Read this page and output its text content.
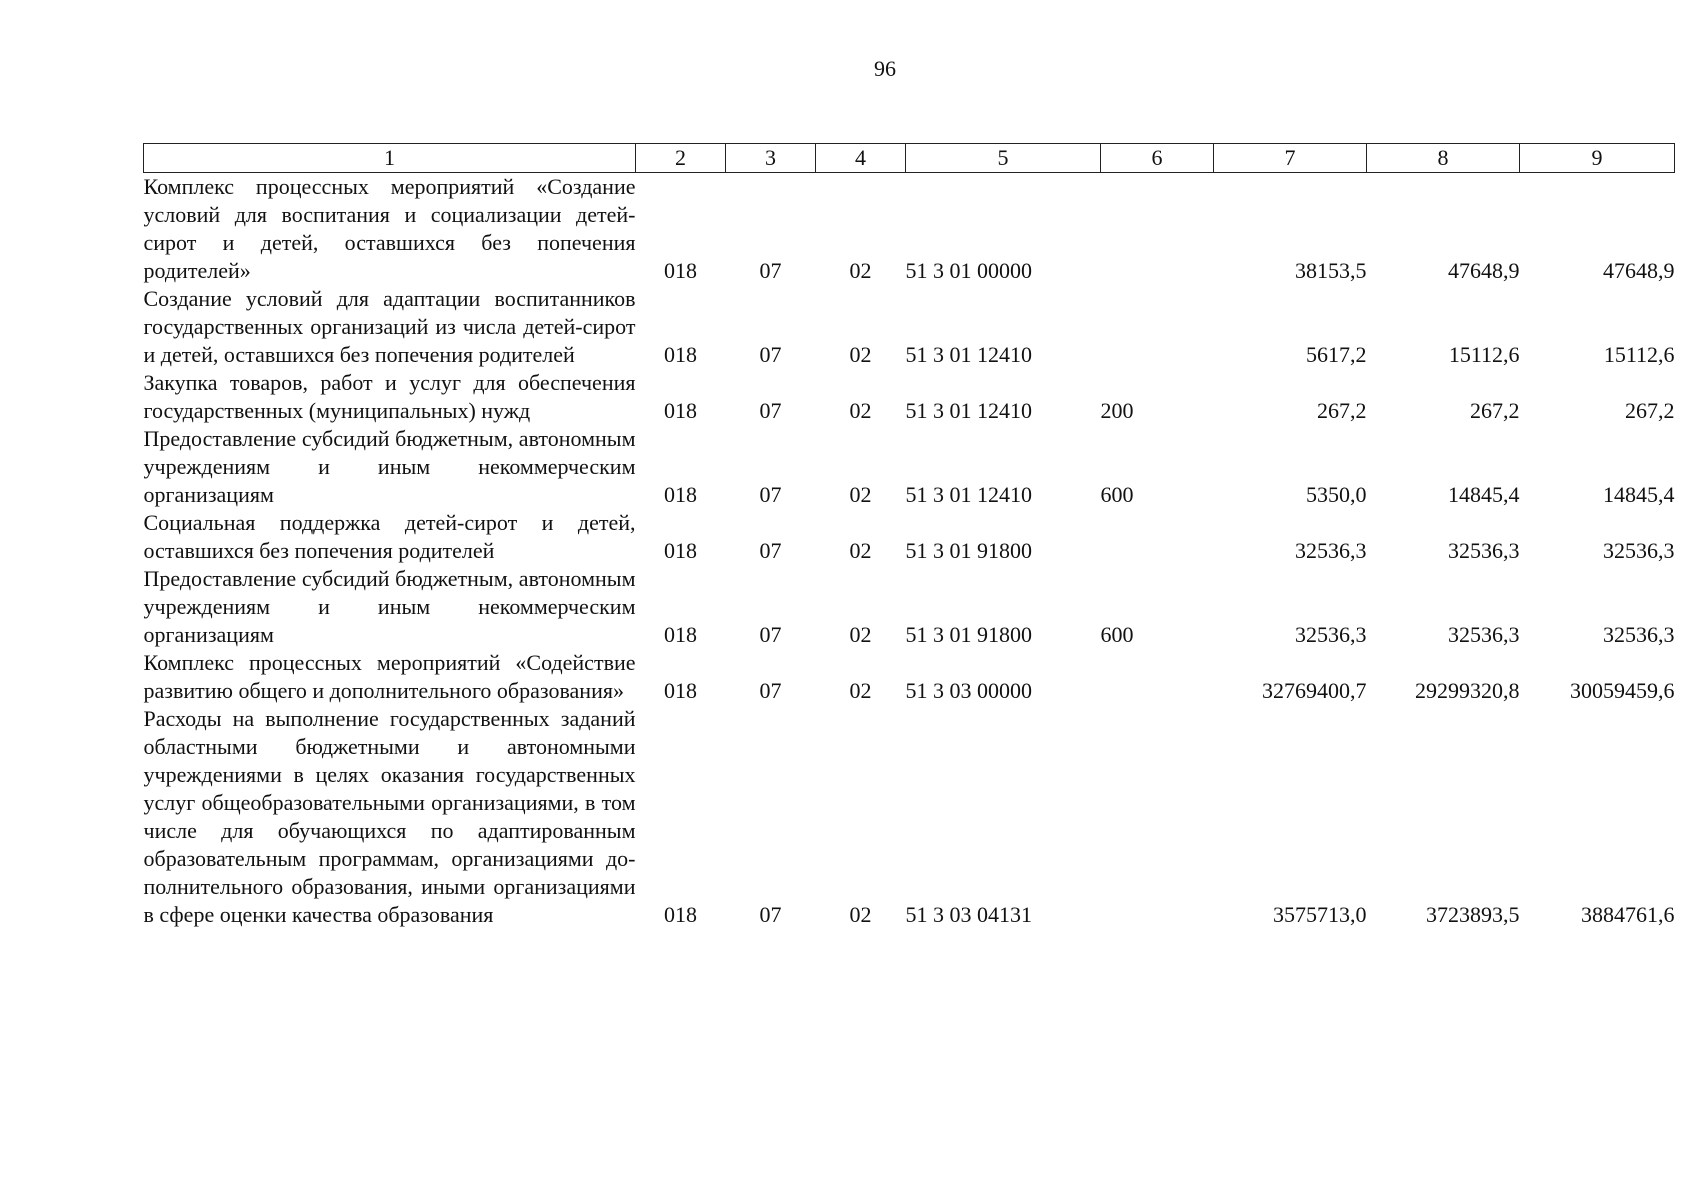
96
1	2	3	4	5	6	7	8	9
Комплекс процессных мероприятий «Создание условий для воспитания и социализации детей-сирот и детей, оставшихся без попечения родителей»	018	07	02	51 3 01 00000		38153,5	47648,9	47648,9
Создание условий для адаптации воспитанников государственных организаций из числа детей-сирот и детей, оставшихся без попечения родителей	018	07	02	51 3 01 12410		5617,2	15112,6	15112,6
Закупка товаров, работ и услуг для обеспечения государственных (муниципальных) нужд	018	07	02	51 3 01 12410	200	267,2	267,2	267,2
Предоставление субсидий бюджетным, автономным учреждениям и иным некоммерческим организациям	018	07	02	51 3 01 12410	600	5350,0	14845,4	14845,4
Социальная поддержка детей-сирот и детей, оставшихся без попечения родителей	018	07	02	51 3 01 91800		32536,3	32536,3	32536,3
Предоставление субсидий бюджетным, автономным учреждениям и иным некоммерческим организациям	018	07	02	51 3 01 91800	600	32536,3	32536,3	32536,3
Комплекс процессных мероприятий «Содействие развитию общего и дополнительного образования»	018	07	02	51 3 03 00000		32769400,7	29299320,8	30059459,6
Расходы на выполнение государственных заданий областными бюджетными и автономными учреждениями в целях оказания государственных услуг общеобразовательными организациями, в том числе для обучающихся по адаптированным образовательным программам, организациями дополнительного образования, иными организациями в сфере оценки качества образования	018	07	02	51 3 03 04131		3575713,0	3723893,5	3884761,6
